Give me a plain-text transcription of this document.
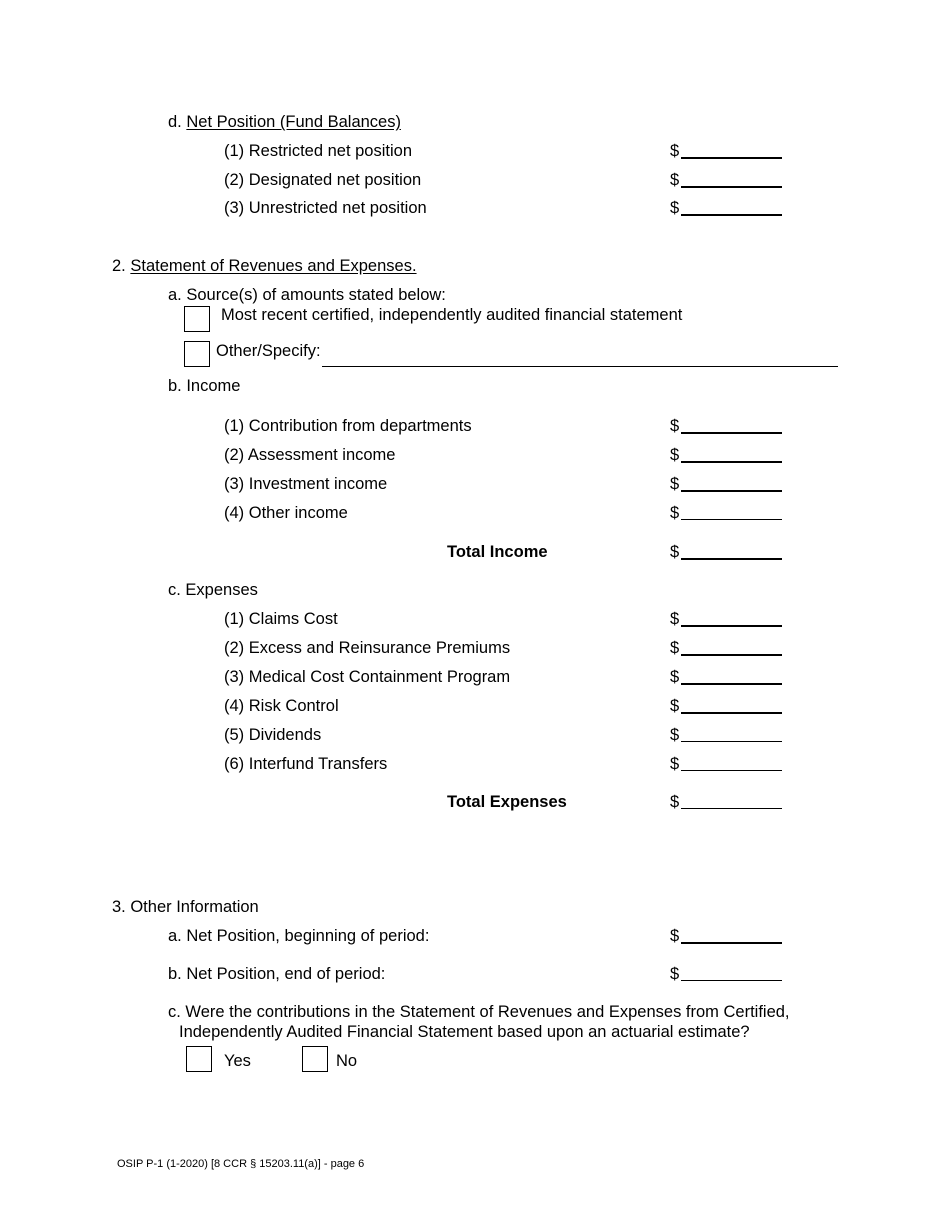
d. Net Position (Fund Balances)
(1) Restricted net position	$
(2) Designated net position	$
(3) Unrestricted net position	$
2. Statement of Revenues and Expenses.
a. Source(s) of amounts stated below:
Most recent certified, independently audited financial statement
Other/Specify:
b. Income
(1) Contribution from departments	$
(2) Assessment income	$
(3) Investment income	$
(4) Other income	$
Total Income	$
c. Expenses
(1) Claims Cost	$
(2) Excess and Reinsurance Premiums	$
(3) Medical Cost Containment Program	$
(4) Risk Control	$
(5) Dividends	$
(6) Interfund Transfers	$
Total Expenses	$
3. Other Information
a. Net Position, beginning of period:	$
b. Net Position, end of period:	$
c. Were the contributions in the Statement of Revenues and Expenses from Certified,
Independently Audited Financial Statement based upon an actuarial estimate?
Yes	No
OSIP P-1 (1-2020) [8 CCR § 15203.11(a)] - page 6
